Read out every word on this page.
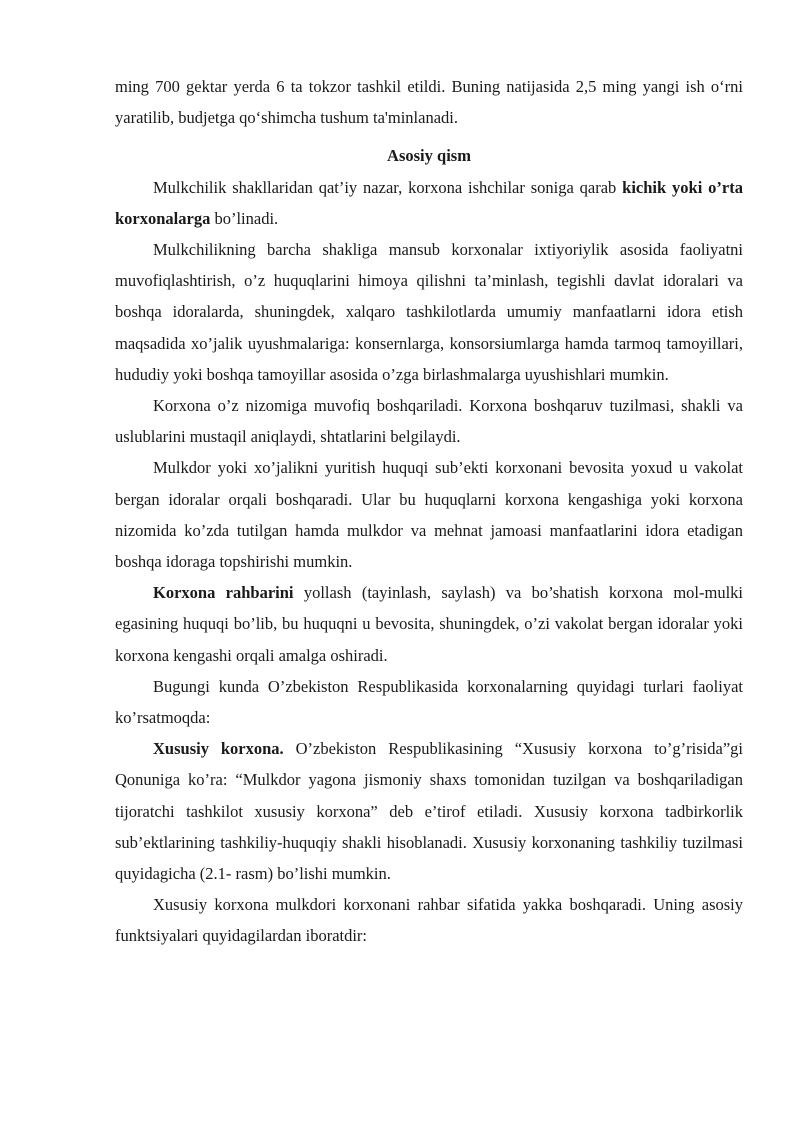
ming 700 gektar yerda 6 ta tokzor tashkil etildi. Buning natijasida 2,5 ming yangi ish o‘rni yaratilib, budjetga qo‘shimcha tushum ta'minlanadi.

Asosiy qism

Mulkchilik shakllaridan qat’iy nazar, korxona ishchilar soniga qarab kichik yoki o’rta korxonalarga bo’linadi.

Mulkchilikning barcha shakliga mansub korxonalar ixtiyoriylik asosida faoliyatni muvofiqlashtirish, o’z huquqlarini himoya qilishni ta’minlash, tegishli davlat idoralari va boshqa idoralarda, shuningdek, xalqaro tashkilotlarda umumiy manfaatlarni idora etish maqsadida xo’jalik uyushmalariga: konsernlarga, konsorsiumlarga hamda tarmoq tamoyillari, hududiy yoki boshqa tamoyillar asosida o’zga birlashmalarga uyushishlari mumkin.

Korxona o’z nizomiga muvofiq boshqariladi. Korxona boshqaruv tuzilmasi, shakli va uslublarini mustaqil aniqlaydi, shtatlarini belgilaydi.

Mulkdor yoki xo’jalikni yuritish huquqi sub’ekti korxonani bevosita yoxud u vakolat bergan idoralar orqali boshqaradi. Ular bu huquqlarni korxona kengashiga yoki korxona nizomida ko’zda tutilgan hamda mulkdor va mehnat jamoasi manfaatlarini idora etadigan boshqa idoraga topshirishi mumkin.

Korxona rahbarini yollash (tayinlash, saylash) va bo’shatish korxona mol-mulki egasining huquqi bo’lib, bu huquqni u bevosita, shuningdek, o’zi vakolat bergan idoralar yoki korxona kengashi orqali amalga oshiradi.

Bugungi kunda O’zbekiston Respublikasida korxonalarning quyidagi turlari faoliyat ko’rsatmoqda:

Xususiy korxona. O’zbekiston Respublikasining “Xususiy korxona to’g’risida”gi Qonuniga ko’ra: “Mulkdor yagona jismoniy shaxs tomonidan tuzilgan va boshqariladigan tijoratchi tashkilot xususiy korxona” deb e’tirof etiladi. Xususiy korxona tadbirkorlik sub’ektlarining tashkiliy-huquqiy shakli hisoblanadi. Xususiy korxonaning tashkiliy tuzilmasi quyidagicha (2.1- rasm) bo’lishi mumkin.

Xususiy korxona mulkdori korxonani rahbar sifatida yakka boshqaradi. Uning asosiy funktsiyalari quyidagilardan iboratdir:
